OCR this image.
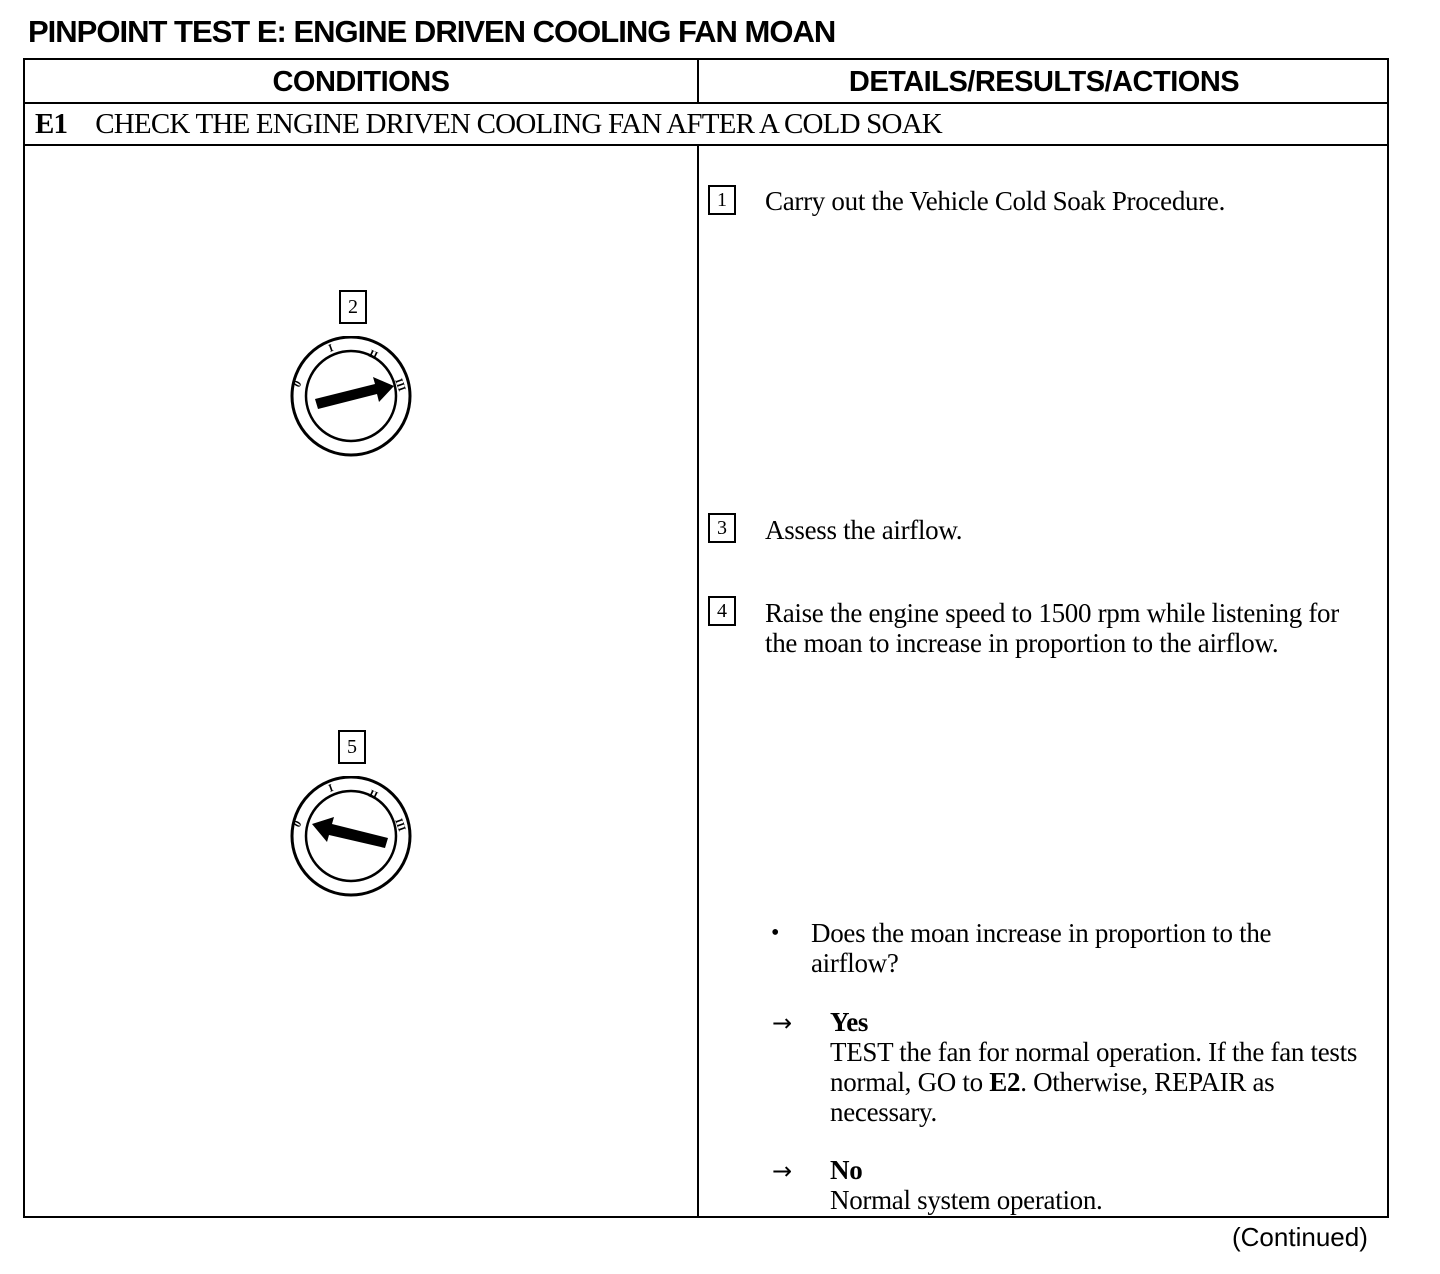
PINPOINT TEST E: ENGINE DRIVEN COOLING FAN MOAN
CONDITIONS	DETAILS/RESULTS/ACTIONS
E1 CHECK THE ENGINE DRIVEN COOLING FAN AFTER A COLD SOAK
2
0
I	II
III
5
0
I	II
III
1	Carry out the Vehicle Cold Soak Procedure.
3	Assess the airflow.
4	Raise the engine speed to 1500 rpm while listening for the moan to increase in proportion to the airflow.
• Does the moan increase in proportion to the airflow?
→ Yes
TEST the fan for normal operation. If the fan tests normal, GO to E2. Otherwise, REPAIR as necessary.
→ No
Normal system operation.
(Continued)
